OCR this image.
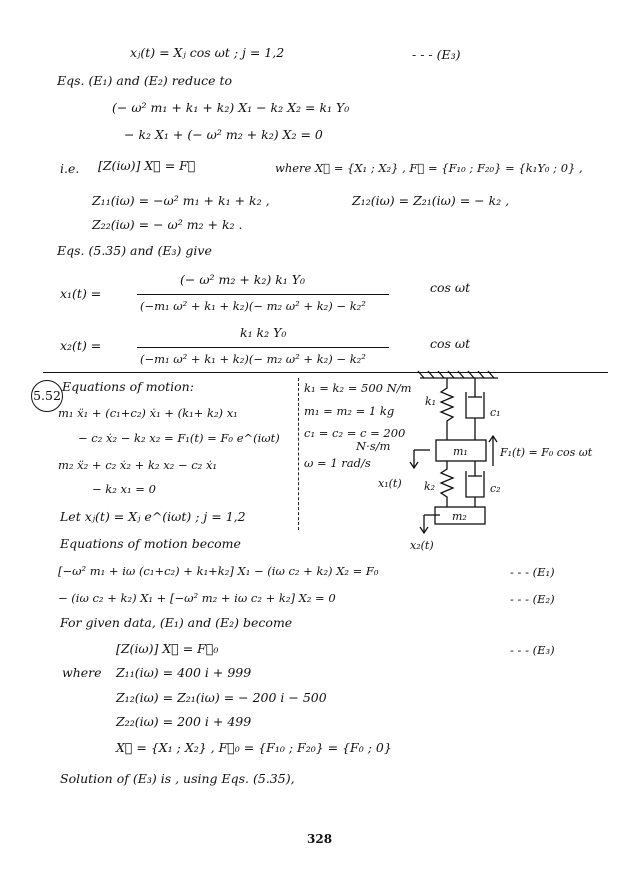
xⱼ(t) = Xⱼ cos ωt ; j = 1,2	- - - (E₃)
Eqs. (E₁) and (E₂) reduce to
(− ω² m₁ + k₁ + k₂) X₁ − k₂ X₂ = k₁ Y₀
− k₂ X₁ + (− ω² m₂ + k₂) X₂ = 0
i.e. [Z(iω)] X⃗ = F⃗	where X⃗ = {X₁ ; X₂} , F⃗ = {F₁₀ ; F₂₀} = {k₁Y₀ ; 0} ,
Z₁₁(iω) = −ω² m₁ + k₁ + k₂ ,	Z₁₂(iω) = Z₂₁(iω) = − k₂ ,
Z₂₂(iω) = − ω² m₂ + k₂ .
Eqs. (5.35) and (E₃) give
x₁(t) =
(− ω² m₂ + k₂) k₁ Y₀
(−m₁ ω² + k₁ + k₂)(− m₂ ω² + k₂) − k₂²
cos ωt
x₂(t) =
k₁ k₂ Y₀
(−m₁ ω² + k₁ + k₂)(− m₂ ω² + k₂) − k₂²
cos ωt
5.52
Equations of motion:
m₁ ẍ₁ + (c₁+c₂) ẋ₁ + (k₁+ k₂) x₁
− c₂ ẋ₂ − k₂ x₂ = F₁(t) = F₀ e^(iωt)
m₂ ẍ₂ + c₂ ẋ₂ + k₂ x₂ − c₂ ẋ₁
− k₂ x₁ = 0
Let xⱼ(t) = Xⱼ e^(iωt) ; j = 1,2
k₁ = k₂ = 500 N/m
m₁ = m₂ = 1 kg
c₁ = c₂ = c = 200
N·s/m
ω = 1 rad/s
k₁
c₁
m₁	F₁(t) = F₀ cos ωt
x₁(t) k₂	c₂
m₂
x₂(t)
Equations of motion become
[−ω² m₁ + iω (c₁+c₂) + k₁+k₂] X₁ − (iω c₂ + k₂) X₂ = F₀	- - - (E₁)
− (iω c₂ + k₂) X₁ + [−ω² m₂ + iω c₂ + k₂] X₂ = 0	- - - (E₂)
For given data, (E₁) and (E₂) become
[Z(iω)] X⃗ = F⃗₀	- - - (E₃)
where Z₁₁(iω) = 400 i + 999
Z₁₂(iω) = Z₂₁(iω) = − 200 i − 500
Z₂₂(iω) = 200 i + 499
X⃗ = {X₁ ; X₂} , F⃗₀ = {F₁₀ ; F₂₀} = {F₀ ; 0}
Solution of (E₃) is , using Eqs. (5.35),
328
